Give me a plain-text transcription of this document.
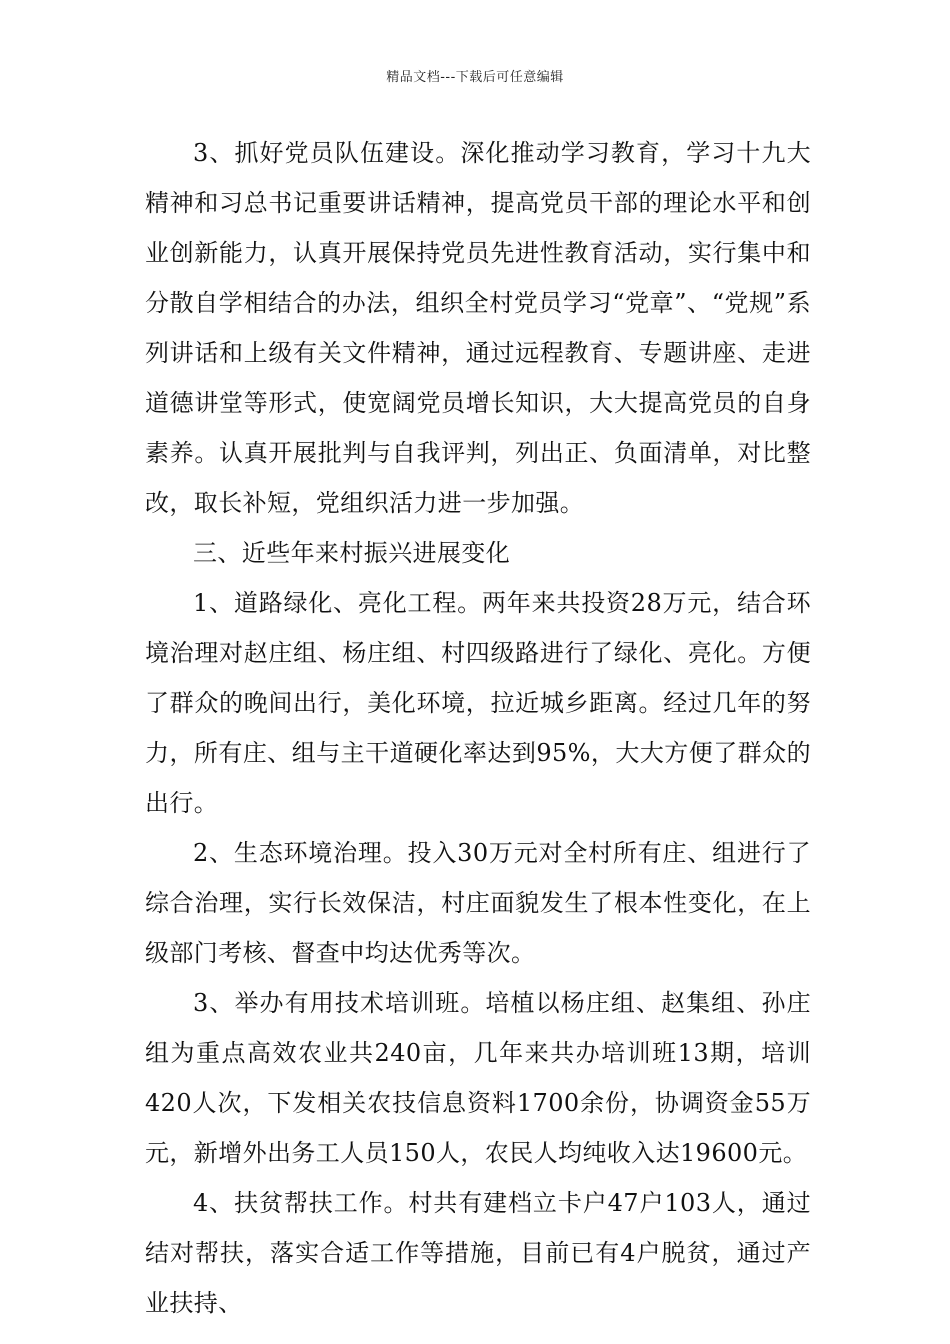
精品文档---下载后可任意编辑

3、抓好党员队伍建设。深化推动学习教育，学习十九大精神和习总书记重要讲话精神，提高党员干部的理论水平和创业创新能力，认真开展保持党员先进性教育活动，实行集中和分散自学相结合的办法，组织全村党员学习“党章”、“党规”系列讲话和上级有关文件精神，通过远程教育、专题讲座、走进道德讲堂等形式，使宽阔党员增长知识，大大提高党员的自身素养。认真开展批判与自我评判，列出正、负面清单，对比整改，取长补短，党组织活力进一步加强。

三、近些年来村振兴进展变化

1、道路绿化、亮化工程。两年来共投资28万元，结合环境治理对赵庄组、杨庄组、村四级路进行了绿化、亮化。方便了群众的晚间出行，美化环境，拉近城乡距离。经过几年的努力，所有庄、组与主干道硬化率达到95%，大大方便了群众的出行。

2、生态环境治理。投入30万元对全村所有庄、组进行了综合治理，实行长效保洁，村庄面貌发生了根本性变化，在上级部门考核、督查中均达优秀等次。

3、举办有用技术培训班。培植以杨庄组、赵集组、孙庄组为重点高效农业共240亩，几年来共办培训班13期，培训420人次，下发相关农技信息资料1700余份，协调资金55万元，新增外出务工人员150人，农民人均纯收入达19600元。

4、扶贫帮扶工作。村共有建档立卡户47户103人，通过结对帮扶，落实合适工作等措施，目前已有4户脱贫，通过产业扶持、
